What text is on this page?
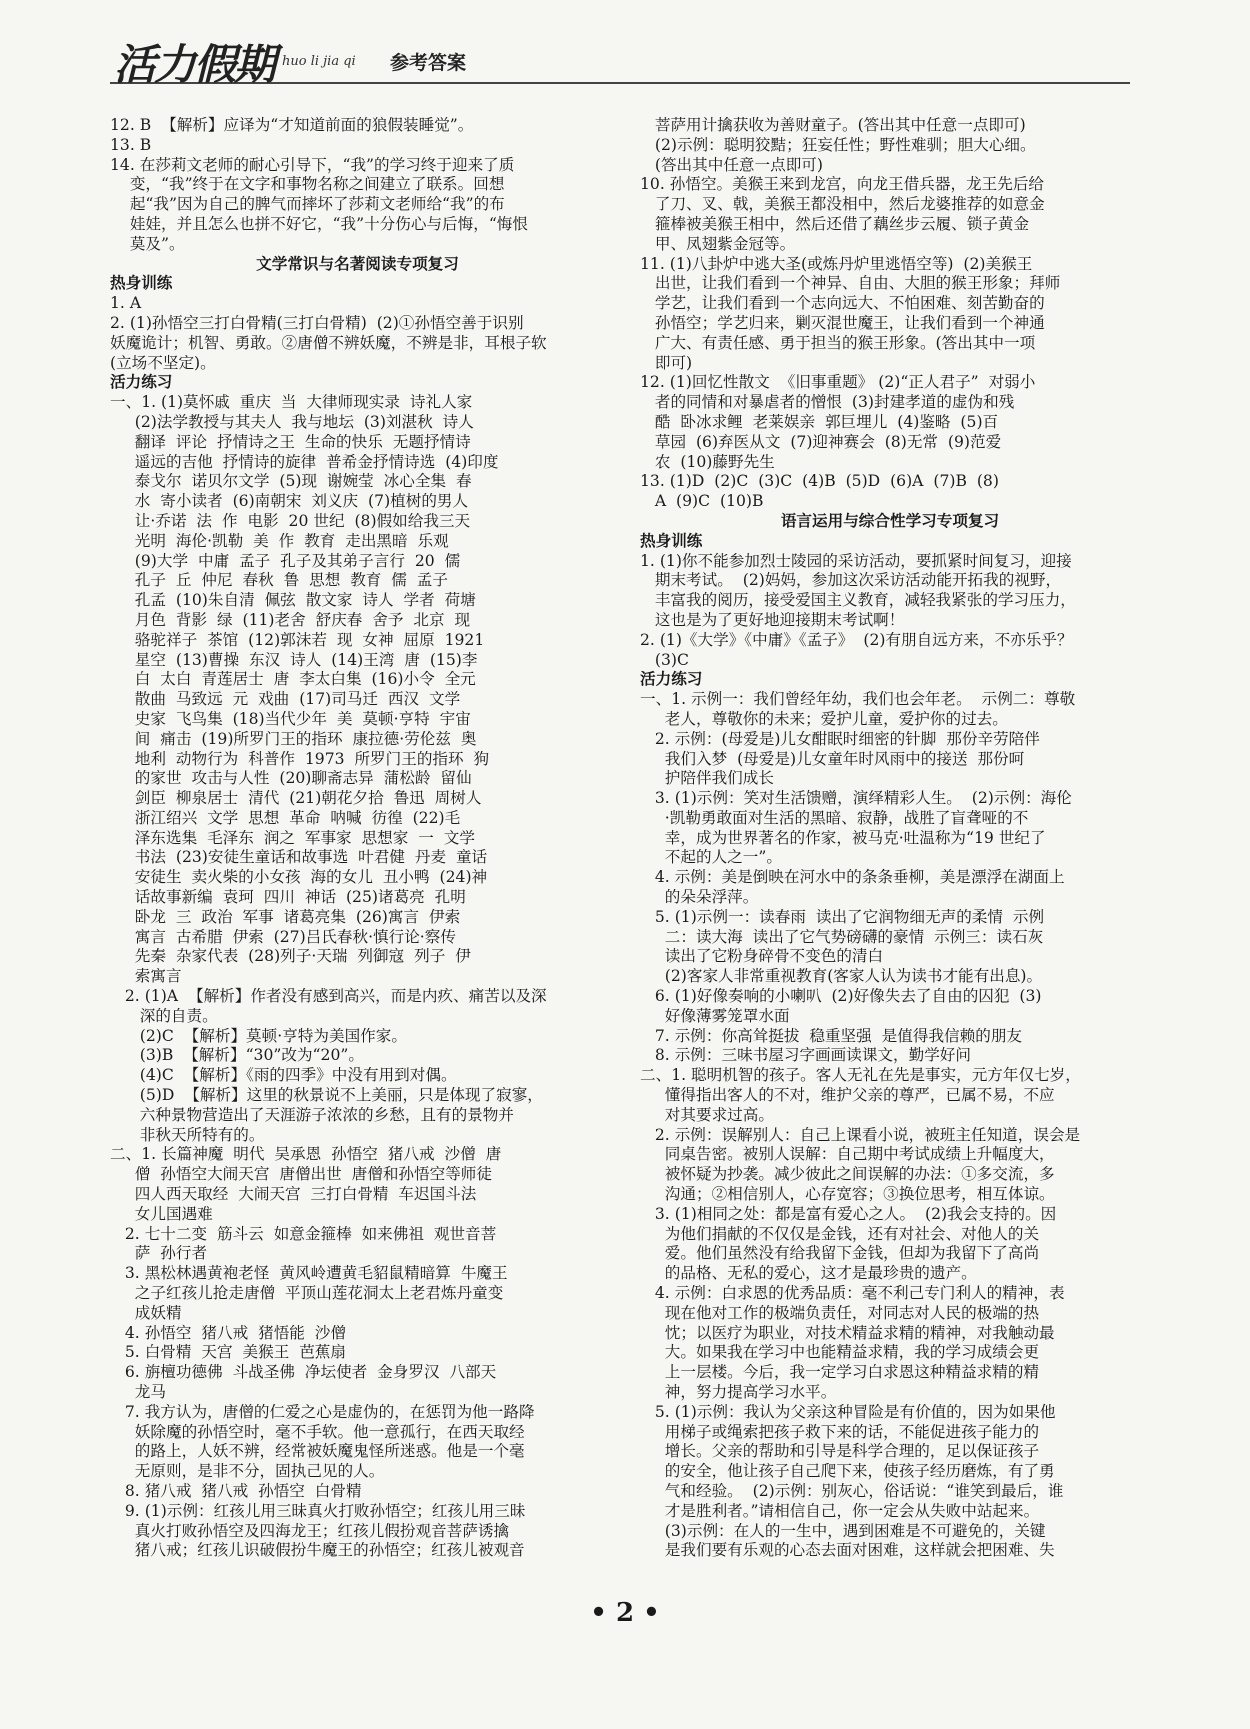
活力假期 huo li jia qi 参考答案
12. B  【解析】应译为“才知道前面的狼假装睡觉”。
13. B
14. 在莎莉文老师的耐心引导下，“我”的学习终于迎来了质
变，“我”终于在文字和事物名称之间建立了联系。回想
起“我”因为自己的脾气而摔坏了莎莉文老师给“我”的布
娃娃，并且怎么也拼不好它，“我”十分伤心与后悔，“悔恨
莫及”。
文学常识与名著阅读专项复习
热身训练
1. A
2. (1)孙悟空三打白骨精(三打白骨精)  (2)①孙悟空善于识别
妖魔诡计；机智、勇敢。②唐僧不辨妖魔，不辨是非，耳根子软
(立场不坚定)。
活力练习
一、1. (1)莫怀戚  重庆  当  大律师现实录  诗礼人家
(2)法学教授与其夫人  我与地坛  (3)刘湛秋  诗人
翻译  评论  抒情诗之王  生命的快乐  无题抒情诗
遥远的吉他  抒情诗的旋律  普希金抒情诗选  (4)印度
泰戈尔  诺贝尔文学  (5)现  谢婉莹  冰心全集  春
水  寄小读者  (6)南朝宋  刘义庆  (7)植树的男人
让·乔诺  法  作  电影  20 世纪  (8)假如给我三天
光明  海伦·凯勒  美  作  教育  走出黑暗  乐观
(9)大学  中庸  孟子  孔子及其弟子言行  20  儒
孔子  丘  仲尼  春秋  鲁  思想  教育  儒  孟子
孔孟  (10)朱自清  佩弦  散文家  诗人  学者  荷塘
月色  背影  绿  (11)老舍  舒庆春  舍予  北京  现
骆驼祥子  茶馆  (12)郭沫若  现  女神  屈原  1921
星空  (13)曹操  东汉  诗人  (14)王湾  唐  (15)李
白  太白  青莲居士  唐  李太白集  (16)小令  全元
散曲  马致远  元  戏曲  (17)司马迁  西汉  文学
史家  飞鸟集  (18)当代少年  美  莫顿·亨特  宇宙
间  痛击  (19)所罗门王的指环  康拉德·劳伦兹  奥
地利  动物行为  科普作  1973  所罗门王的指环  狗
的家世  攻击与人性  (20)聊斋志异  蒲松龄  留仙
剑臣  柳泉居士  清代  (21)朝花夕拾  鲁迅  周树人
浙江绍兴  文学  思想  革命  呐喊  彷徨  (22)毛
泽东选集  毛泽东  润之  军事家  思想家  一  文学
书法  (23)安徒生童话和故事选  叶君健  丹麦  童话
安徒生  卖火柴的小女孩  海的女儿  丑小鸭  (24)神
话故事新编  袁珂  四川  神话  (25)诸葛亮  孔明
卧龙  三  政治  军事  诸葛亮集  (26)寓言  伊索
寓言  古希腊  伊索  (27)吕氏春秋·慎行论·察传
先秦  杂家代表  (28)列子·天瑞  列御寇  列子  伊
索寓言
2. (1)A  【解析】作者没有感到高兴，而是内疚、痛苦以及深
深的自责。
(2)C  【解析】莫顿·亨特为美国作家。
(3)B  【解析】“30”改为“20”。
(4)C  【解析】《雨的四季》中没有用到对偶。
(5)D  【解析】这里的秋景说不上美丽，只是体现了寂寥，
六种景物营造出了天涯游子浓浓的乡愁，且有的景物并
非秋天所特有的。
二、1. 长篇神魔  明代  吴承恩  孙悟空  猪八戒  沙僧  唐
僧  孙悟空大闹天宫  唐僧出世  唐僧和孙悟空等师徒
四人西天取经  大闹天宫  三打白骨精  车迟国斗法
女儿国遇难
2. 七十二变  筋斗云  如意金箍棒  如来佛祖  观世音菩
萨  孙行者
3. 黑松林遇黄袍老怪  黄风岭遭黄毛貂鼠精暗算  牛魔王
之子红孩儿抢走唐僧  平顶山莲花洞太上老君炼丹童变
成妖精
4. 孙悟空  猪八戒  猪悟能  沙僧
5. 白骨精  天宫  美猴王  芭蕉扇
6. 旃檀功德佛  斗战圣佛  净坛使者  金身罗汉  八部天
龙马
7. 我方认为，唐僧的仁爱之心是虚伪的，在惩罚为他一路降
妖除魔的孙悟空时，毫不手软。他一意孤行，在西天取经
的路上，人妖不辨，经常被妖魔鬼怪所迷惑。他是一个毫
无原则，是非不分，固执己见的人。
8. 猪八戒  猪八戒  孙悟空  白骨精
9. (1)示例：红孩儿用三昧真火打败孙悟空；红孩儿用三昧
真火打败孙悟空及四海龙王；红孩儿假扮观音菩萨诱擒
猪八戒；红孩儿识破假扮牛魔王的孙悟空；红孩儿被观音
菩萨用计擒获收为善财童子。(答出其中任意一点即可)
(2)示例：聪明狡黠；狂妄任性；野性难驯；胆大心细。
(答出其中任意一点即可)
10. 孙悟空。美猴王来到龙宫，向龙王借兵器，龙王先后给
了刀、叉、戟，美猴王都没相中，然后龙婆推荐的如意金
箍棒被美猴王相中，然后还借了藕丝步云履、锁子黄金
甲、凤翅紫金冠等。
11. (1)八卦炉中逃大圣(或炼丹炉里逃悟空等)  (2)美猴王
出世，让我们看到一个神异、自由、大胆的猴王形象；拜师
学艺，让我们看到一个志向远大、不怕困难、刻苦勤奋的
孙悟空；学艺归来，剿灭混世魔王，让我们看到一个神通
广大、有责任感、勇于担当的猴王形象。(答出其中一项
即可)
12. (1)回忆性散文  《旧事重题》 (2)“正人君子”  对弱小
者的同情和对暴虐者的憎恨  (3)封建孝道的虚伪和残
酷  卧冰求鲤  老莱娱亲  郭巨埋儿  (4)鉴略  (5)百
草园  (6)弃医从文  (7)迎神赛会  (8)无常  (9)范爱
农  (10)藤野先生
13. (1)D  (2)C  (3)C  (4)B  (5)D  (6)A  (7)B  (8)
A  (9)C  (10)B
语言运用与综合性学习专项复习
热身训练
1. (1)你不能参加烈士陵园的采访活动，要抓紧时间复习，迎接
期末考试。  (2)妈妈，参加这次采访活动能开拓我的视野，
丰富我的阅历，接受爱国主义教育，减轻我紧张的学习压力，
这也是为了更好地迎接期末考试啊！
2. (1)《大学》《中庸》《孟子》  (2)有朋自远方来，不亦乐乎？
(3)C
活力练习
一、1. 示例一：我们曾经年幼，我们也会年老。  示例二：尊敬
老人，尊敬你的未来；爱护儿童，爱护你的过去。
2. 示例：(母爱是)儿女酣眠时细密的针脚  那份辛劳陪伴
我们入梦  (母爱是)儿女童年时风雨中的接送  那份呵
护陪伴我们成长
3. (1)示例：笑对生活馈赠，演绎精彩人生。  (2)示例：海伦
·凯勒勇敢面对生活的黑暗、寂静，战胜了盲聋哑的不
幸，成为世界著名的作家，被马克·吐温称为“19 世纪了
不起的人之一”。
4. 示例：美是倒映在河水中的条条垂柳，美是漂浮在湖面上
的朵朵浮萍。
5. (1)示例一：读春雨  读出了它润物细无声的柔情  示例
二：读大海  读出了它气势磅礴的豪情  示例三：读石灰
读出了它粉身碎骨不变色的清白
(2)客家人非常重视教育(客家人认为读书才能有出息)。
6. (1)好像奏响的小喇叭  (2)好像失去了自由的囚犯  (3)
好像薄雾笼罩水面
7. 示例：你高耸挺拔  稳重坚强  是值得我信赖的朋友
8. 示例：三味书屋习字画画读课文，勤学好问
二、1. 聪明机智的孩子。客人无礼在先是事实，元方年仅七岁，
懂得指出客人的不对，维护父亲的尊严，已属不易，不应
对其要求过高。
2. 示例：误解别人：自己上课看小说，被班主任知道，误会是
同桌告密。被别人误解：自己期中考试成绩上升幅度大，
被怀疑为抄袭。减少彼此之间误解的办法：①多交流，多
沟通；②相信别人，心存宽容；③换位思考，相互体谅。
3. (1)相同之处：都是富有爱心之人。  (2)我会支持的。因
为他们捐献的不仅仅是金钱，还有对社会、对他人的关
爱。他们虽然没有给我留下金钱，但却为我留下了高尚
的品格、无私的爱心，这才是最珍贵的遗产。
4. 示例：白求恩的优秀品质：毫不利己专门利人的精神，表
现在他对工作的极端负责任，对同志对人民的极端的热
忱；以医疗为职业，对技术精益求精的精神，对我触动最
大。如果我在学习中也能精益求精，我的学习成绩会更
上一层楼。今后，我一定学习白求恩这种精益求精的精
神，努力提高学习水平。
5. (1)示例：我认为父亲这种冒险是有价值的，因为如果他
用梯子或绳索把孩子救下来的话，不能促进孩子能力的
增长。父亲的帮助和引导是科学合理的，足以保证孩子
的安全，他让孩子自己爬下来，使孩子经历磨炼，有了勇
气和经验。  (2)示例：别灰心，俗话说：“谁笑到最后，谁
才是胜利者。”请相信自己，你一定会从失败中站起来。
(3)示例：在人的一生中，遇到困难是不可避免的，关键
是我们要有乐观的心态去面对困难，这样就会把困难、失
• 2 •
